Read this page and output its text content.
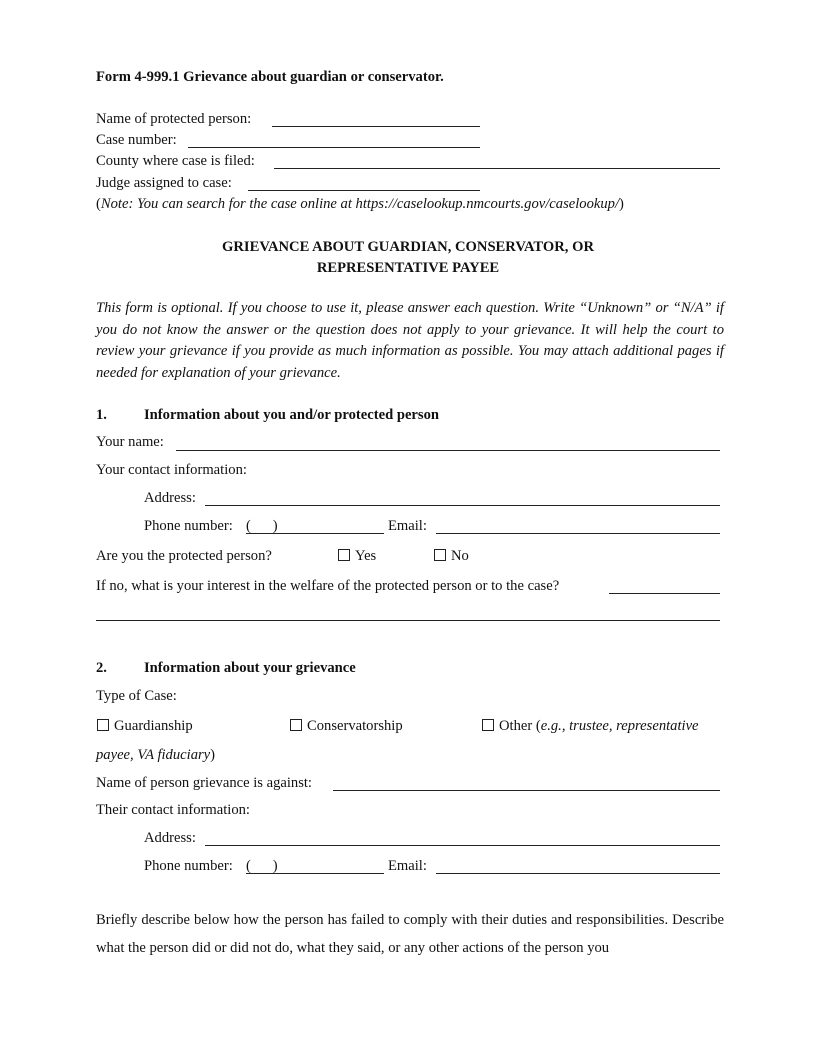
Form 4-999.1 Grievance about guardian or conservator.
Name of protected person:
Case number:
County where case is filed:
Judge assigned to case:
(Note: You can search for the case online at https://caselookup.nmcourts.gov/caselookup/)
GRIEVANCE ABOUT GUARDIAN, CONSERVATOR, OR
REPRESENTATIVE PAYEE
This form is optional. If you choose to use it, please answer each question. Write “Unknown” or “N/A” if you do not know the answer or the question does not apply to your grievance. It will help the court to review your grievance if you provide as much information as possible. You may attach additional pages if needed for explanation of your grievance.
1.	Information about you and/or protected person
Your name:
Your contact information:
Address:
Phone number: (      )	Email:
Are you the protected person?	Yes	No
If no, what is your interest in the welfare of the protected person or to the case?
2.	Information about your grievance
Type of Case:
Guardianship	Conservatorship	Other (e.g., trustee, representative
payee, VA fiduciary)
Name of person grievance is against:
Their contact information:
Address:
Phone number: (      )	Email:
Briefly describe below how the person has failed to comply with their duties and responsibilities. Describe what the person did or did not do, what they said, or any other actions of the person you
